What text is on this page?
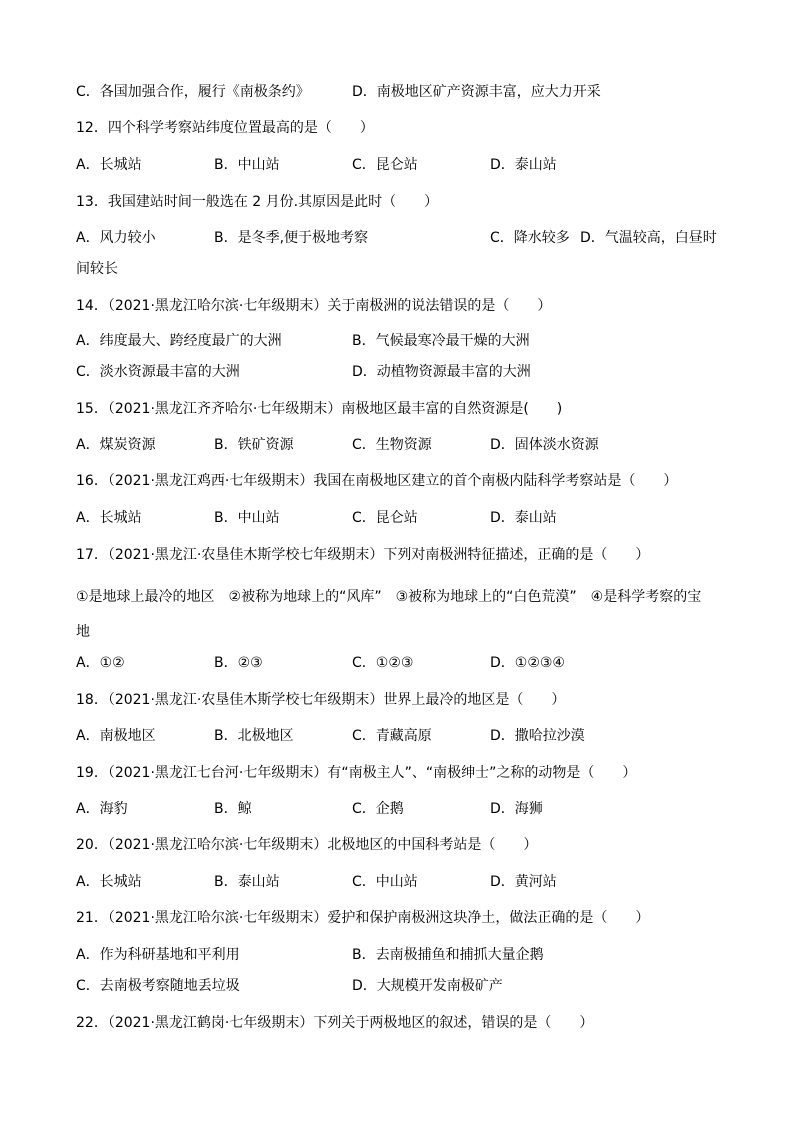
C．各国加强合作，履行《南极条约》	D．南极地区矿产资源丰富，应大力开采
12．四个科学考察站纬度位置最高的是（　　）
A．长城站	B．中山站	C．昆仑站	D．泰山站
13．我国建站时间一般选在 2 月份.其原因是此时（　　）
A．风力较小	B．是冬季,便于极地考察	C．降水较多 D．气温较高，白昼时
间较长
14．（2021·黑龙江哈尔滨·七年级期末）关于南极洲的说法错误的是（　　）
A．纬度最大、跨经度最广的大洲	B．气候最寒冷最干燥的大洲
C．淡水资源最丰富的大洲	D．动植物资源最丰富的大洲
15．（2021·黑龙江齐齐哈尔·七年级期末）南极地区最丰富的自然资源是(　　)
A．煤炭资源	B．铁矿资源	C．生物资源	D．固体淡水资源
16．（2021·黑龙江鸡西·七年级期末）我国在南极地区建立的首个南极内陆科学考察站是（　　）
A．长城站	B．中山站	C．昆仑站	D．泰山站
17．（2021·黑龙江·农垦佳木斯学校七年级期末）下列对南极洲特征描述，正确的是（　　）
①是地球上最冷的地区　②被称为地球上的“风库”　③被称为地球上的“白色荒漠”　④是科学考察的宝
地
A．①②	B．②③	C．①②③	D．①②③④
18．（2021·黑龙江·农垦佳木斯学校七年级期末）世界上最冷的地区是（　　）
A．南极地区	B．北极地区	C．青藏高原	D．撒哈拉沙漠
19．（2021·黑龙江七台河·七年级期末）有“南极主人”、“南极绅士”之称的动物是（　　）
A．海豹	B．鲸	C．企鹅	D．海狮
20．（2021·黑龙江哈尔滨·七年级期末）北极地区的中国科考站是（　　）
A．长城站	B．泰山站	C．中山站	D．黄河站
21．（2021·黑龙江哈尔滨·七年级期末）爱护和保护南极洲这块净土，做法正确的是（　　）
A．作为科研基地和平利用	B．去南极捕鱼和捕抓大量企鹅
C．去南极考察随地丢垃圾	D．大规模开发南极矿产
22．（2021·黑龙江鹤岗·七年级期末）下列关于两极地区的叙述，错误的是（　　）
